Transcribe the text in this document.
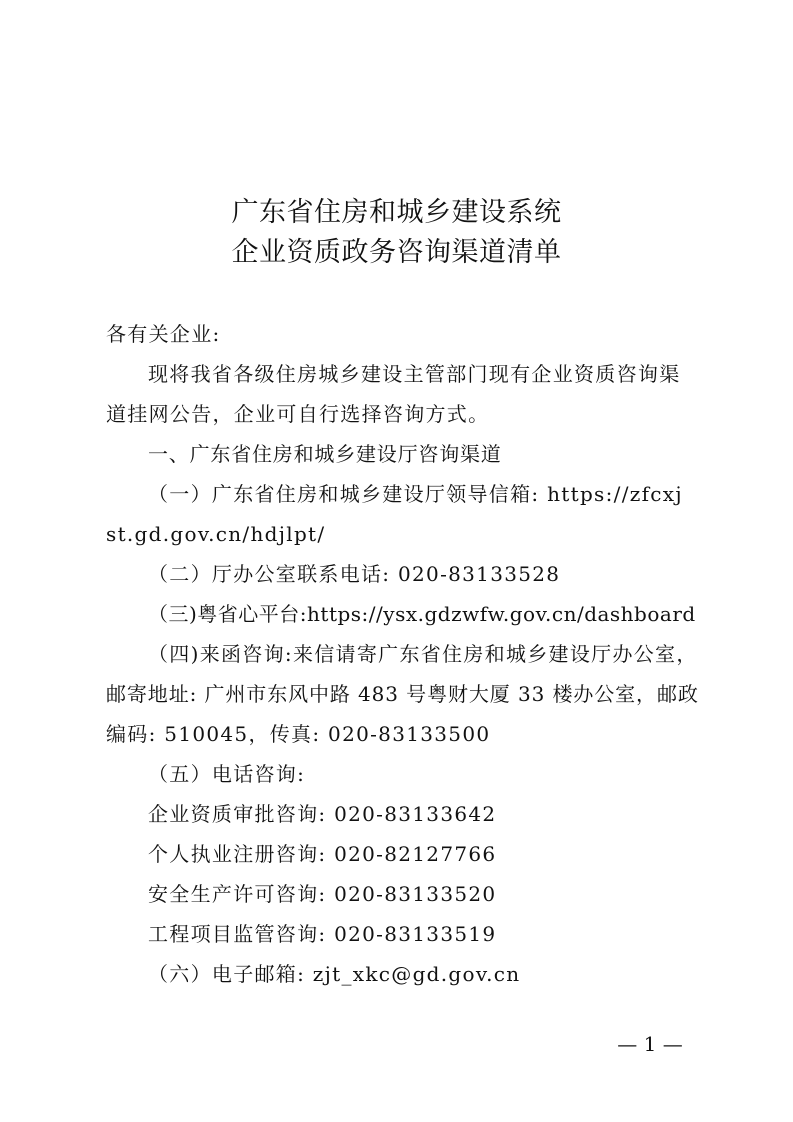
广东省住房和城乡建设系统
企业资质政务咨询渠道清单
各有关企业:
现将我省各级住房城乡建设主管部门现有企业资质咨询渠
道挂网公告，企业可自行选择咨询方式。
一、广东省住房和城乡建设厅咨询渠道
（一）广东省住房和城乡建设厅领导信箱: https://zfcxj
st.gd.gov.cn/hdjlpt/
（二）厅办公室联系电话: 020-83133528
（三)粤省心平台:https://ysx.gdzwfw.gov.cn/dashboard
（四)来函咨询:来信请寄广东省住房和城乡建设厅办公室，
邮寄地址: 广州市东风中路 483 号粤财大厦 33 楼办公室，邮政
编码: 510045，传真: 020-83133500
（五）电话咨询:
企业资质审批咨询: 020-83133642
个人执业注册咨询: 020-82127766
安全生产许可咨询: 020-83133520
工程项目监管咨询: 020-83133519
（六）电子邮箱: zjt_xkc@gd.gov.cn
— 1 —
